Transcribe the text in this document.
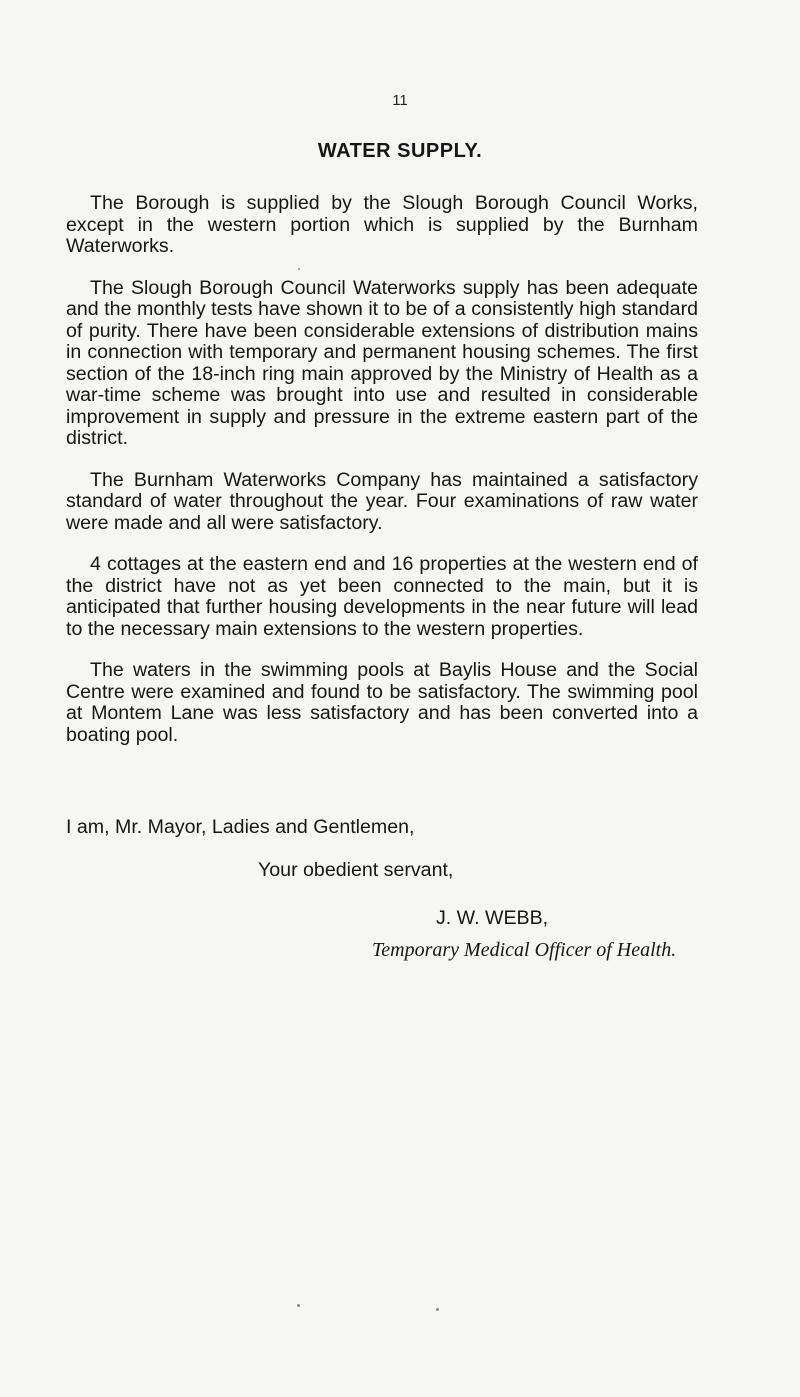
11
WATER SUPPLY.

The Borough is supplied by the Slough Borough Council Works, except in the western portion which is supplied by the Burnham Waterworks.

The Slough Borough Council Waterworks supply has been adequate and the monthly tests have shown it to be of a consistently high standard of purity. There have been considerable extensions of distribution mains in connection with temporary and permanent housing schemes. The first section of the 18-inch ring main approved by the Ministry of Health as a war-time scheme was brought into use and resulted in considerable improvement in supply and pressure in the extreme eastern part of the district.

The Burnham Waterworks Company has maintained a satisfactory standard of water throughout the year. Four examinations of raw water were made and all were satisfactory.

4 cottages at the eastern end and 16 properties at the western end of the district have not as yet been connected to the main, but it is anticipated that further housing developments in the near future will lead to the necessary main extensions to the western properties.

The waters in the swimming pools at Baylis House and the Social Centre were examined and found to be satisfactory. The swimming pool at Montem Lane was less satisfactory and has been converted into a boating pool.

I am, Mr. Mayor, Ladies and Gentlemen,
Your obedient servant,
J. W. WEBB,
Temporary Medical Officer of Health.
